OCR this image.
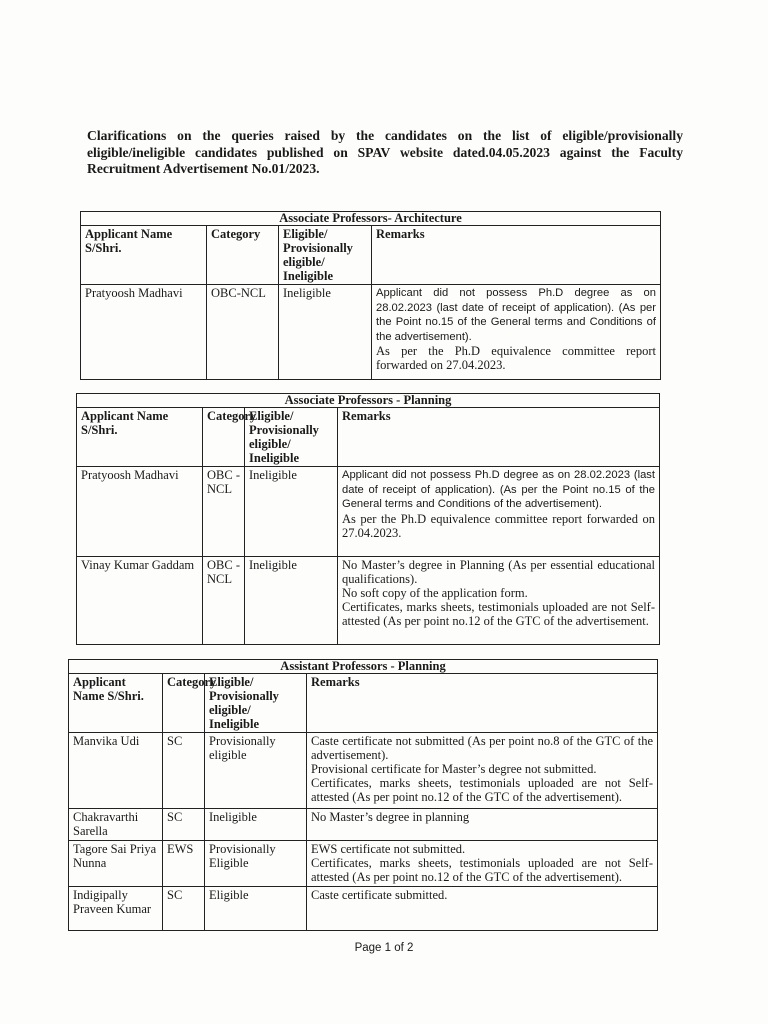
Clarifications on the queries raised by the candidates on the list of eligible/provisionally eligible/ineligible candidates published on SPAV website dated.04.05.2023 against the Faculty Recruitment Advertisement No.01/2023.
Associate Professors- Architecture			
Applicant Name S/Shri.	Category	Eligible/ Provisionally eligible/ Ineligible	Remarks
Pratyoosh Madhavi	OBC-NCL	Ineligible	Applicant did not possess Ph.D degree as on 28.02.2023 (last date of receipt of application). (As per the Point no.15 of the General terms and Conditions of the advertisement).
As per the Ph.D equivalence committee report forwarded on 27.04.2023.
Associate Professors - Planning			
Applicant Name S/Shri.	Category	Eligible/ Provisionally eligible/ Ineligible	Remarks
Pratyoosh Madhavi	OBC - NCL	Ineligible	Applicant did not possess Ph.D degree as on 28.02.2023 (last date of receipt of application). (As per the Point no.15 of the General terms and Conditions of the advertisement).
As per the Ph.D equivalence committee report forwarded on 27.04.2023.

Vinay Kumar Gaddam	OBC - NCL	Ineligible	No Master’s degree in Planning (As per essential educational qualifications).
No soft copy of the application form.
Certificates, marks sheets, testimonials uploaded are not Self-attested (As per point no.12 of the GTC of the advertisement.
Assistant Professors - Planning			
Applicant Name S/Shri.	Category	Eligible/ Provisionally eligible/ Ineligible	Remarks
Manvika Udi	SC	Provisionally eligible	Caste certificate not submitted (As per point no.8 of the GTC of the advertisement).
Provisional certificate for Master’s degree not submitted.
Certificates, marks sheets, testimonials uploaded are not Self-attested (As per point no.12 of the GTC of the advertisement).

Chakravarthi Sarella	SC	Ineligible	No Master’s degree in planning

Tagore Sai Priya Nunna	EWS	Provisionally Eligible	EWS certificate not submitted.
Certificates, marks sheets, testimonials uploaded are not Self-attested (As per point no.12 of the GTC of the advertisement).

Indigipally Praveen Kumar	SC	Eligible	Caste certificate submitted.
Page 1 of 2
